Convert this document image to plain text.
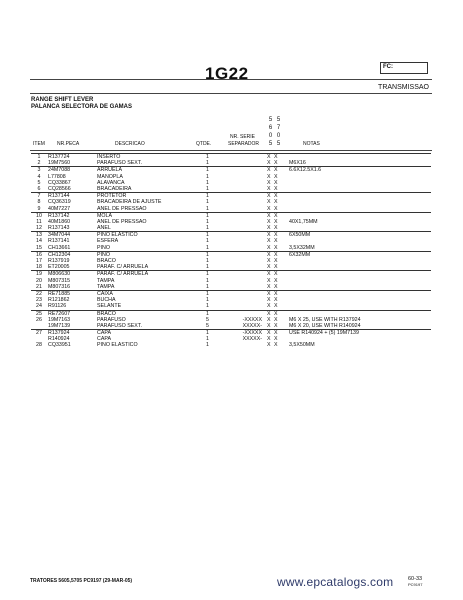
1G22	FC:
TRANSMISSAO
RANGE SHIFT LEVER
PALANCA SELECTORA DE GAMAS
5
6
0
5
5
7
0
5
ITEM NR.PECA	DESCRICAO	QTDE.
NR. SERIE
SEPARADOR	NOTAS
1	R137724	INSERTO	1	X X
2	19M7560	PARAFUSO SEXT.	1	X X M6X16
3	24M7088	ARRUELA	1	X X 6.6X12.5X1.6
4	L77808	MANOPLA	1	X X
5	CQ33867	ALAVANCA	1	X X
6	CQ28566	BRACADEIRA	1	X X
7	R137144	PROTETOR	1	X X
8	CQ36319	BRACADEIRA DE AJUSTE	1	X X
9	40M7227	ANEL DE PRESSAO	1	X X
10	R137142	MOLA	1	X X
11	40M1860	ANEL DE PRESSAO	1	X X 40X1,75MM
12	R137143	ANEL	1	X X
13	34M7044	PINO ELASTICO	1	X X 6X50MM
14	R137141	ESFERA	1	X X
15	CH13661	PINO	1	X X 3,5X32MM
16	CH12304	PINO	1	X X 6X32MM
17	R137919	BRACO	1	X X
18	ET20005	PARAF. C/ ARRUELA	1	X X
19	M806630	PARAF. C/ ARRUELA	1	X X
20	M807315	TAMPA	1	X X
21	M807316	TAMPA	1	X X
22	RE71885	CAIXA	1	X X
23	R121862	BUCHA	1	X X
24	R91126	SELANTE	1	X X
25	RE72607	BRACO	1	X X
26	19M7163	PARAFUSO	5	-XXXXX X X M6 X 25, USE WITH R137924
19M7139	PARAFUSO SEXT.	5	XXXXX- X X M6 X 20, USE WITH R140924
27	R137924	CAPA	1	-XXXXX X X USE R140924 + (5) 19M7139
R140924	CAPA	1	XXXXX- X X
28	CQ33951	PINO ELASTICO	1	X X 3,5X50MM
TRATORES 5605,5705 PC9197 (29-MAR-05)	www.epcatalogs.com	60-33
PC9197
